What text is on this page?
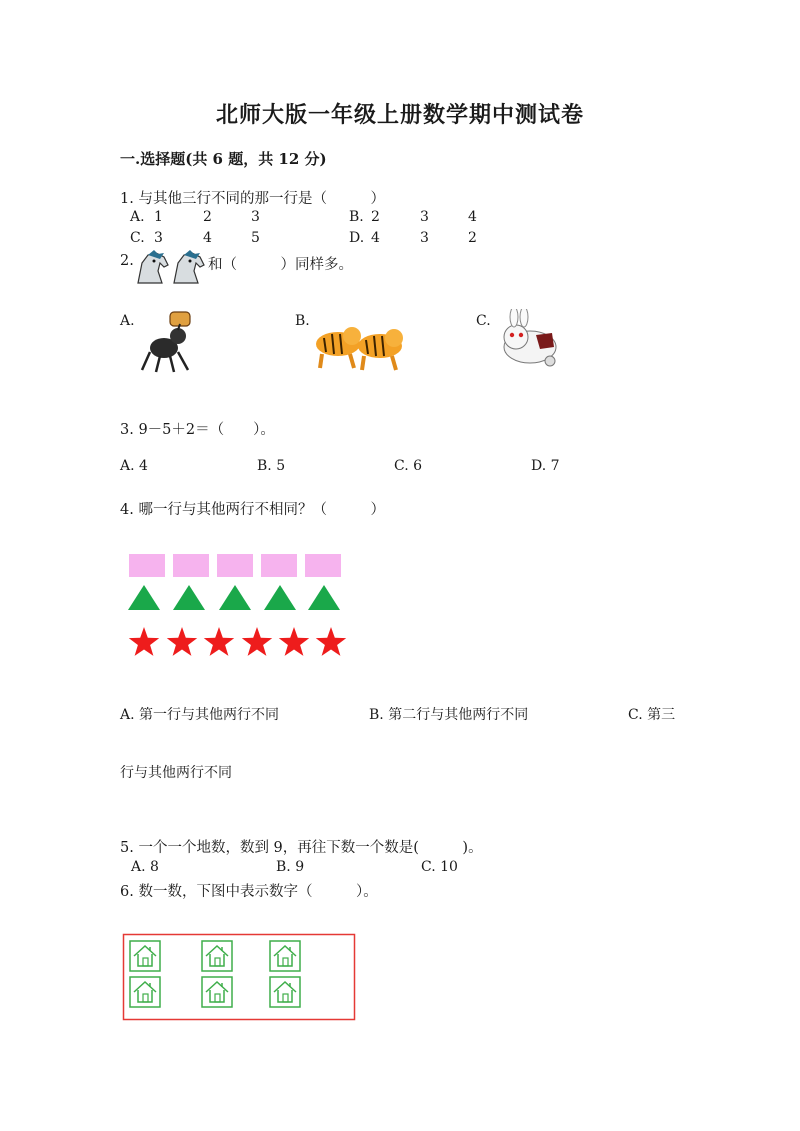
北师大版一年级上册数学期中测试卷
一.选择题(共 6 题，共 12 分)
1. 与其他三行不同的那一行是（　　　）
A. 1	2	3	B. 2	3	4
C. 3	4	5	D. 4	3	2
2.	和（　　　）同样多。
A.	B.	C.
3. 9－5＋2＝（　　）。
A. 4	B. 5	C. 6	D. 7
4. 哪一行与其他两行不相同？（　　　）
A. 第一行与其他两行不同	B. 第二行与其他两行不同	C. 第三
行与其他两行不同
5. 一个一个地数，数到 9，再往下数一个数是(　　　)。
A. 8	B. 9	C. 10
6. 数一数，下图中表示数字（　　　）。
